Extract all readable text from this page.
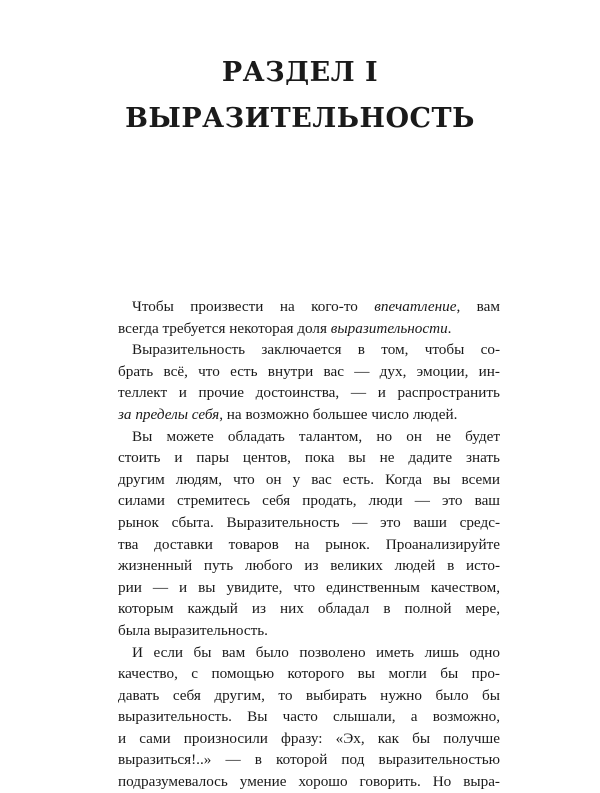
РАЗДЕЛ I
ВЫРАЗИТЕЛЬНОСТЬ
Чтобы произвести на кого-то впечатление, вам
всегда требуется некоторая доля выразительности.
Выразительность заключается в том, чтобы со-
брать всё, что есть внутри вас — дух, эмоции, ин-
теллект и прочие достоинства, — и распространить
за пределы себя, на возможно большее число людей.
Вы можете обладать талантом, но он не будет
стоить и пары центов, пока вы не дадите знать
другим людям, что он у вас есть. Когда вы всеми
силами стремитесь себя продать, люди — это ваш
рынок сбыта. Выразительность — это ваши средс-
тва доставки товаров на рынок. Проанализируйте
жизненный путь любого из великих людей в исто-
рии — и вы увидите, что единственным качеством,
которым каждый из них обладал в полной мере,
была выразительность.
И если бы вам было позволено иметь лишь одно
качество, с помощью которого вы могли бы про-
давать себя другим, то выбирать нужно было бы
выразительность. Вы часто слышали, а возможно,
и сами произносили фразу: «Эх, как бы получше
выразиться!..» — в которой под выразительностью
подразумевалось умение хорошо говорить. Но выра-
